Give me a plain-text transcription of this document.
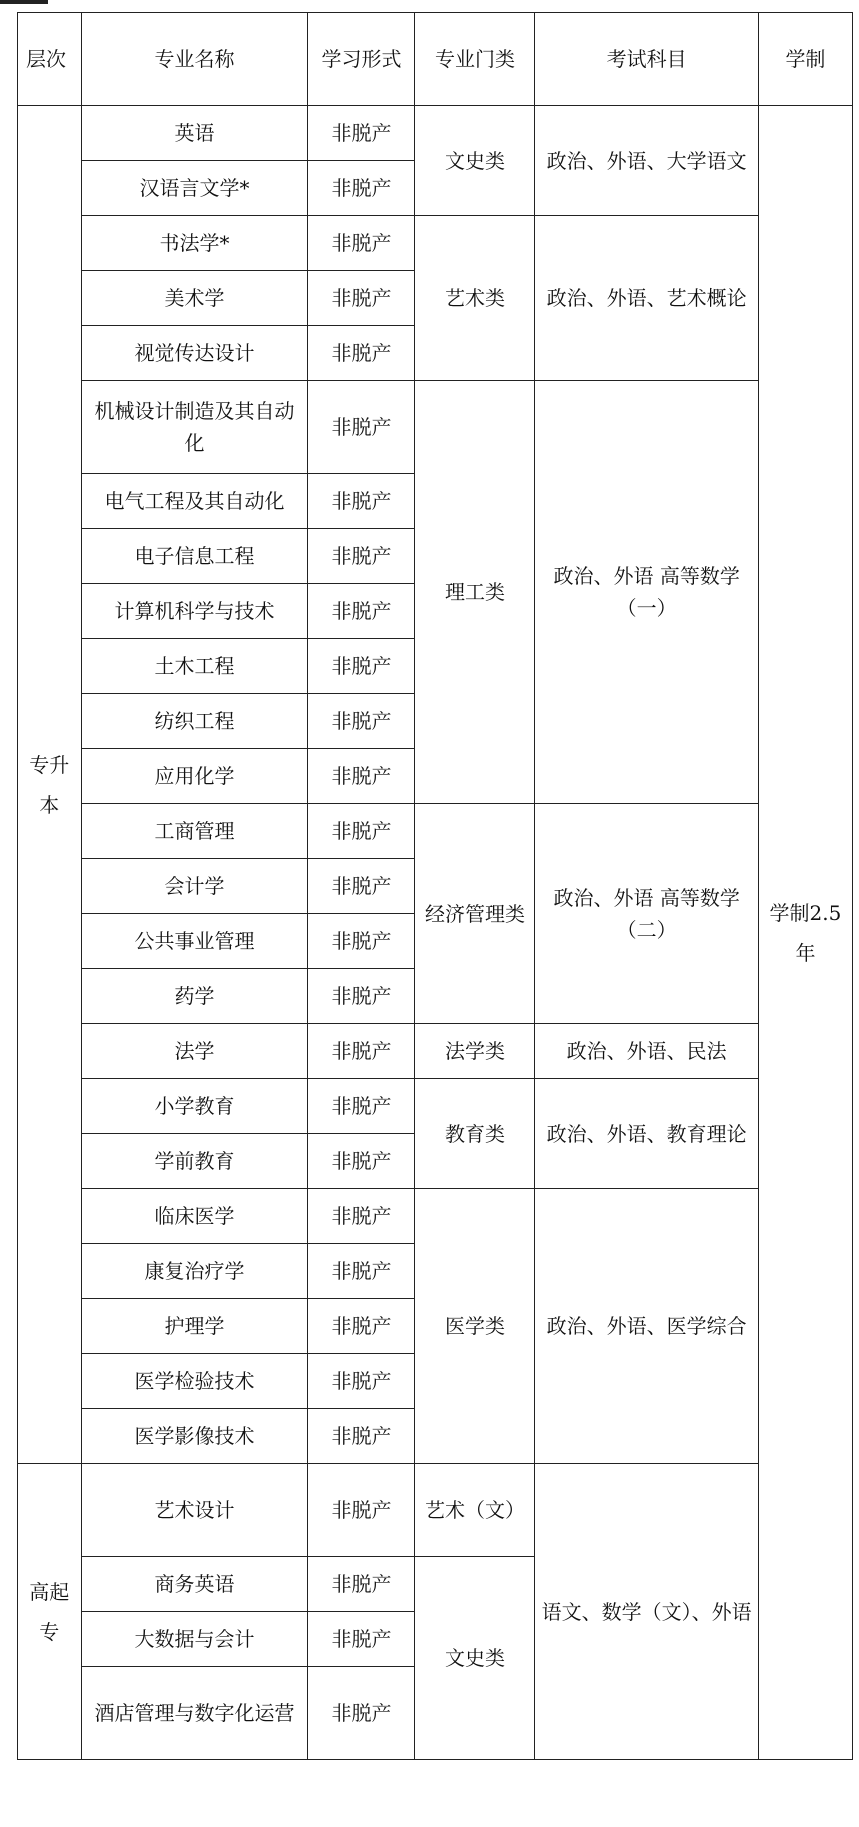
层次	专业名称	学习形式	专业门类	考试科目	学制
专升本	英语	非脱产	文史类	政治、外语、大学语文	学制2.5年
	汉语言文学*	非脱产			
	书法学*	非脱产	艺术类	政治、外语、艺术概论	
	美术学	非脱产			
	视觉传达设计	非脱产			
	机械设计制造及其自动化	非脱产	理工类	政治、外语 高等数学（一）	
	电气工程及其自动化	非脱产			
	电子信息工程	非脱产			
	计算机科学与技术	非脱产			
	土木工程	非脱产			
	纺织工程	非脱产			
	应用化学	非脱产			
	工商管理	非脱产	经济管理类	政治、外语 高等数学（二）	
	会计学	非脱产			
	公共事业管理	非脱产			
	药学	非脱产			
	法学	非脱产	法学类	政治、外语、民法	
	小学教育	非脱产	教育类	政治、外语、教育理论	
	学前教育	非脱产			
	临床医学	非脱产	医学类	政治、外语、医学综合	
	康复治疗学	非脱产			
	护理学	非脱产			
	医学检验技术	非脱产			
	医学影像技术	非脱产			
高起专	艺术设计	非脱产	艺术（文）	语文、数学（文）、外语	
	商务英语	非脱产	文史类		
	大数据与会计	非脱产			
	酒店管理与数字化运营	非脱产			
